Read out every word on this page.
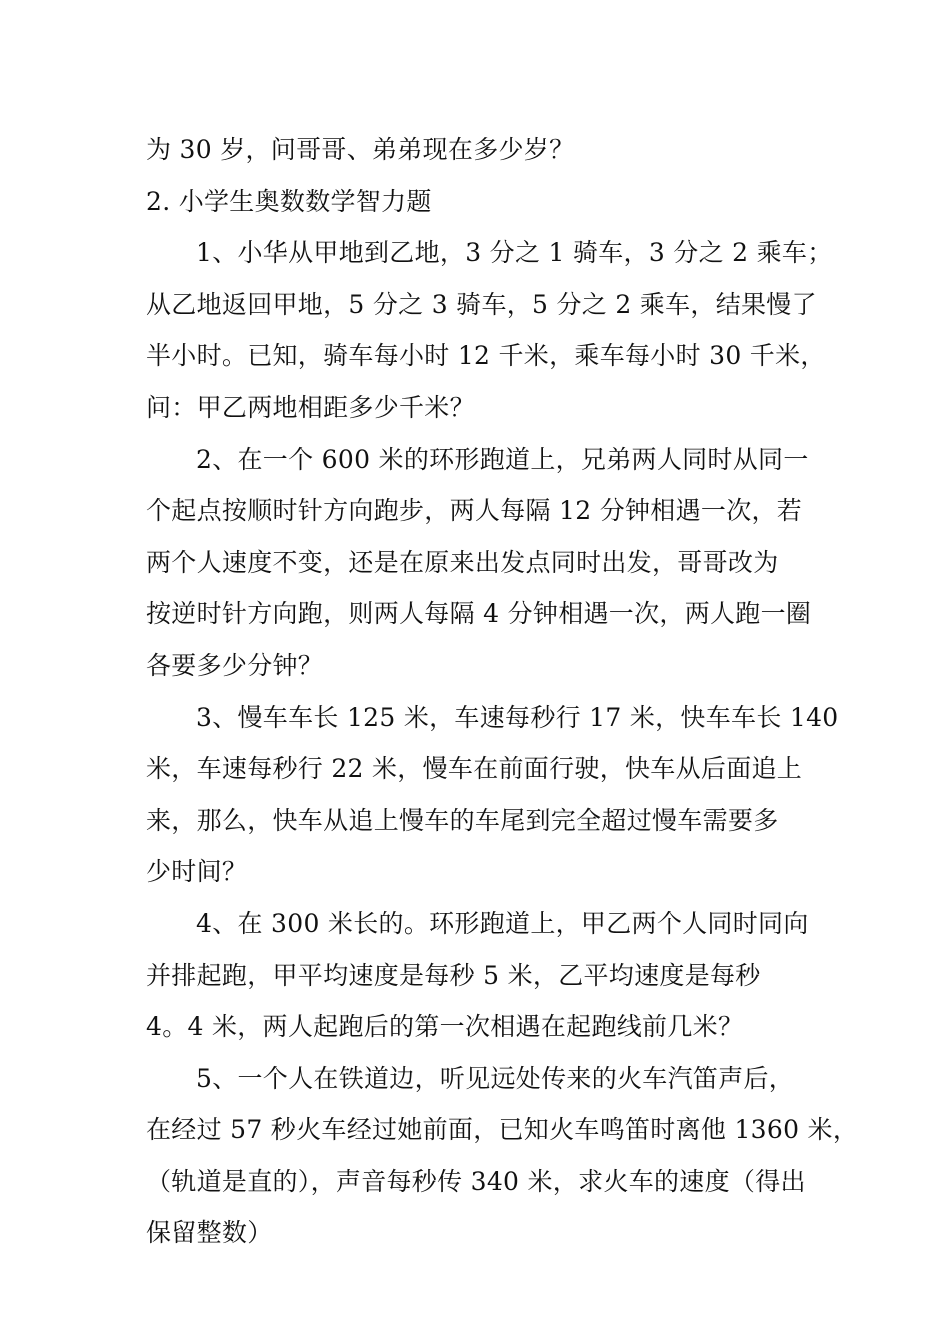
为 30 岁，问哥哥、弟弟现在多少岁？
2. 小学生奥数数学智力题
1、小华从甲地到乙地，3 分之 1 骑车，3 分之 2 乘车；
从乙地返回甲地，5 分之 3 骑车，5 分之 2 乘车，结果慢了
半小时。已知，骑车每小时 12 千米，乘车每小时 30 千米，
问：甲乙两地相距多少千米？
2、在一个 600 米的环形跑道上，兄弟两人同时从同一
个起点按顺时针方向跑步，两人每隔 12 分钟相遇一次，若
两个人速度不变，还是在原来出发点同时出发，哥哥改为
按逆时针方向跑，则两人每隔 4 分钟相遇一次，两人跑一圈
各要多少分钟？
3、慢车车长 125 米，车速每秒行 17 米，快车车长 140
米，车速每秒行 22 米，慢车在前面行驶，快车从后面追上
来，那么，快车从追上慢车的车尾到完全超过慢车需要多
少时间？
4、在 300 米长的。环形跑道上，甲乙两个人同时同向
并排起跑，甲平均速度是每秒 5 米，乙平均速度是每秒
4。4 米，两人起跑后的第一次相遇在起跑线前几米？
5、一个人在铁道边，听见远处传来的火车汽笛声后，
在经过 57 秒火车经过她前面，已知火车鸣笛时离他 1360 米，
（轨道是直的），声音每秒传 340 米，求火车的速度（得出
保留整数）
